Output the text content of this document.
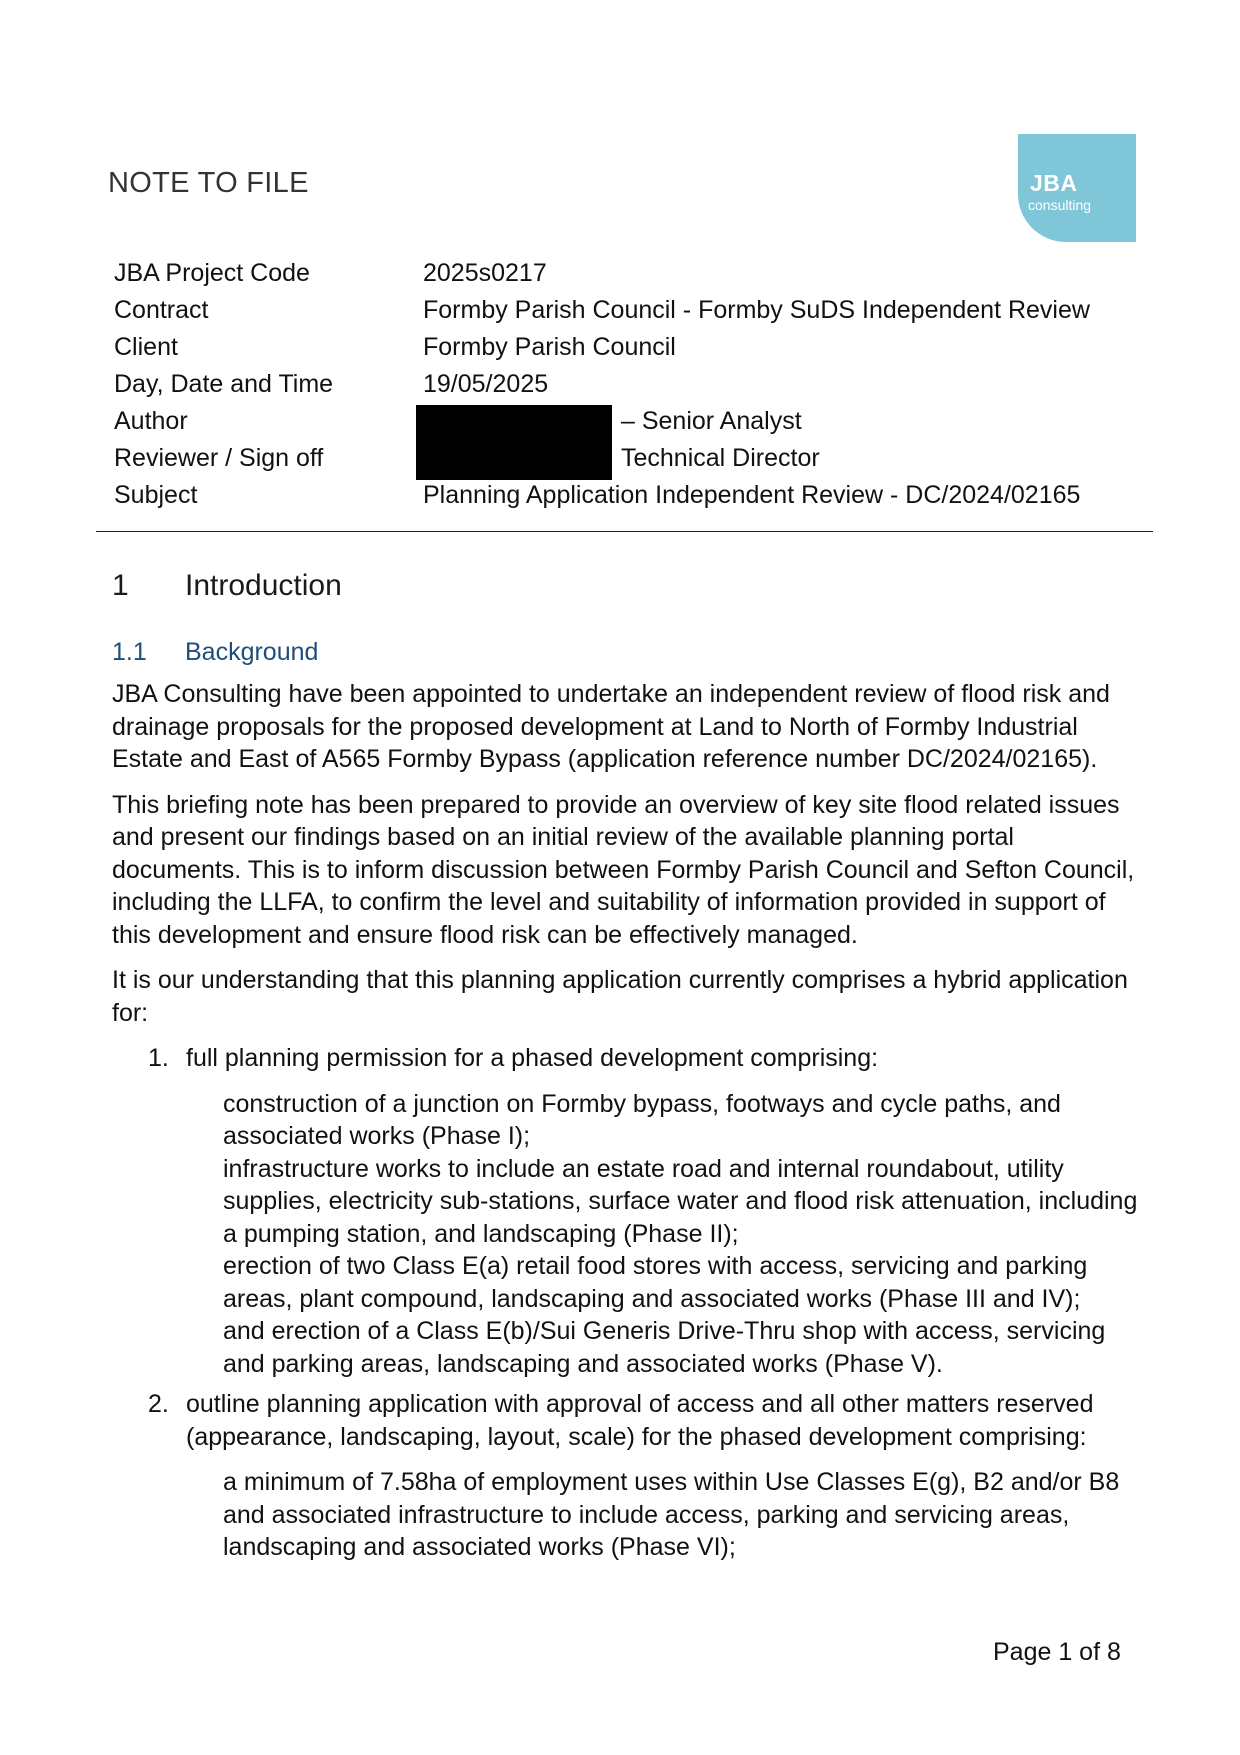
NOTE TO FILE	JBA
consulting
JBA Project Code	2025s0217
Contract	Formby Parish Council - Formby SuDS Independent Review
Client	Formby Parish Council
Day, Date and Time	19/05/2025
Author	– Senior Analyst
Reviewer / Sign off	Technical Director
Subject	Planning Application Independent Review - DC/2024/02165
1 Introduction
1.1 Background

JBA Consulting have been appointed to undertake an independent review of flood risk and drainage proposals for the proposed development at Land to North of Formby Industrial Estate and East of A565 Formby Bypass (application reference number DC/2024/02165).

This briefing note has been prepared to provide an overview of key site flood related issues and present our findings based on an initial review of the available planning portal documents. This is to inform discussion between Formby Parish Council and Sefton Council, including the LLFA, to confirm the level and suitability of information provided in support of this development and ensure flood risk can be effectively managed.

It is our understanding that this planning application currently comprises a hybrid application for:

1. full planning permission for a phased development comprising:
construction of a junction on Formby bypass, footways and cycle paths, and associated works (Phase I);
infrastructure works to include an estate road and internal roundabout, utility supplies, electricity sub-stations, surface water and flood risk attenuation, including a pumping station, and landscaping (Phase II);
erection of two Class E(a) retail food stores with access, servicing and parking areas, plant compound, landscaping and associated works (Phase III and IV);
and erection of a Class E(b)/Sui Generis Drive-Thru shop with access, servicing and parking areas, landscaping and associated works (Phase V).
2. outline planning application with approval of access and all other matters reserved (appearance, landscaping, layout, scale) for the phased development comprising:
a minimum of 7.58ha of employment uses within Use Classes E(g), B2 and/or B8 and associated infrastructure to include access, parking and servicing areas, landscaping and associated works (Phase VI);
Page 1 of 8
